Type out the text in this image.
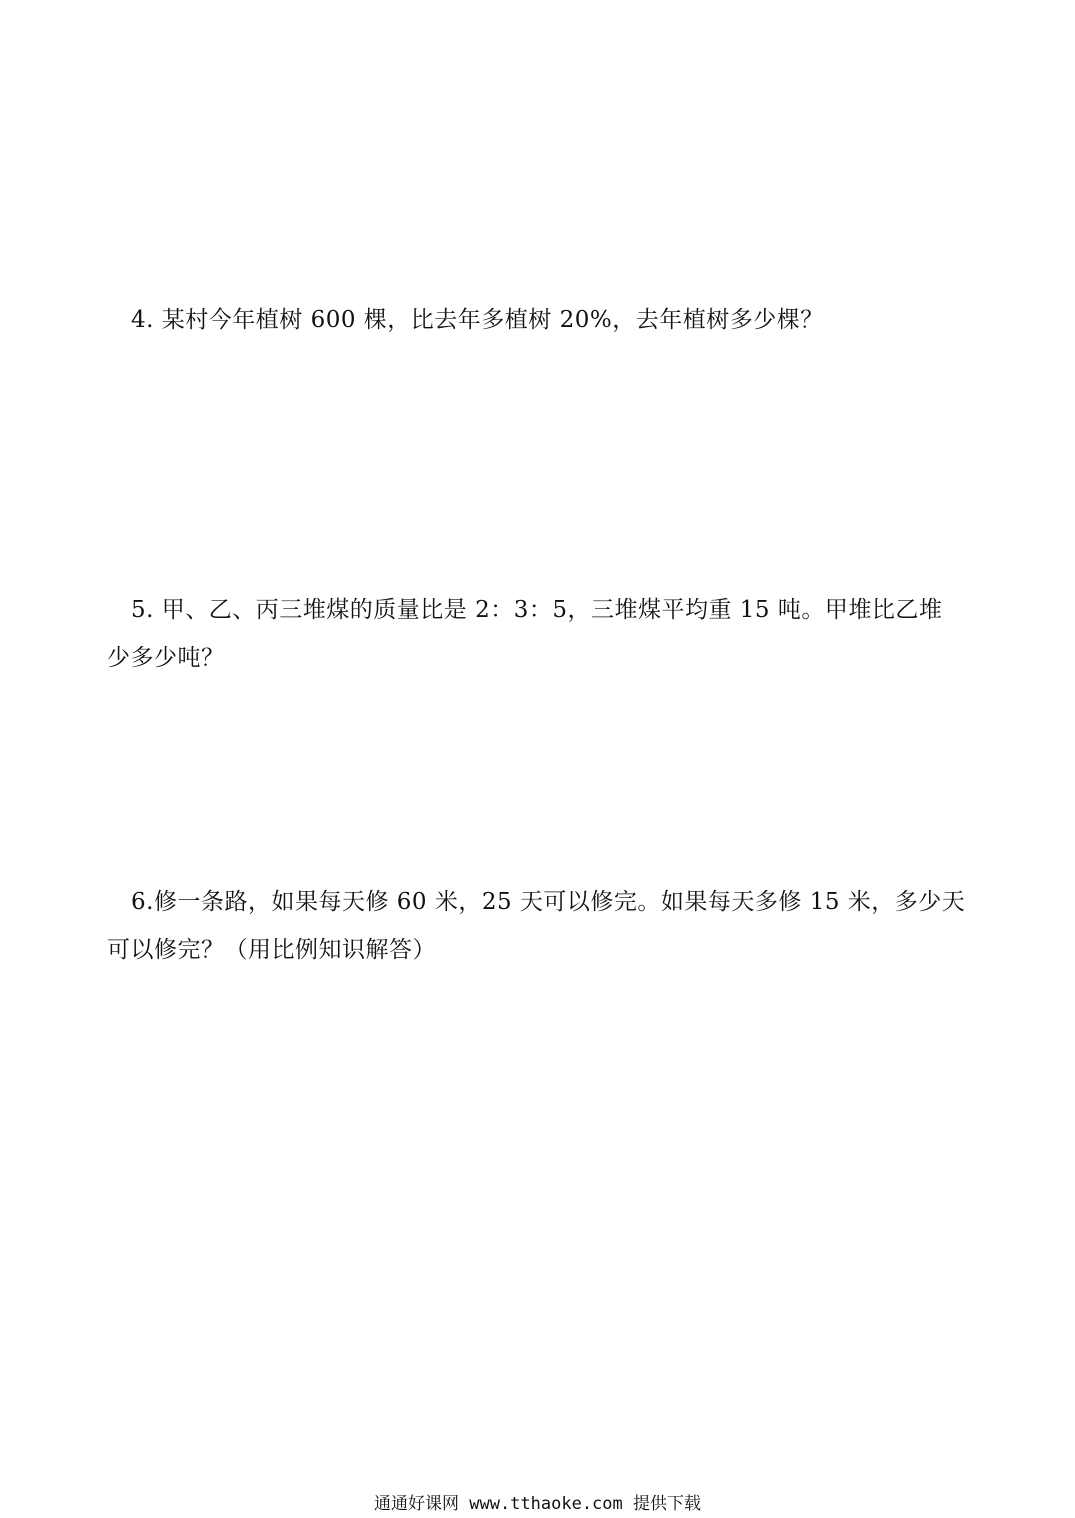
4. 某村今年植树 600 棵，比去年多植树 20%，去年植树多少棵？
5. 甲、乙、丙三堆煤的质量比是 2：3：5，三堆煤平均重 15 吨。甲堆比乙堆
少多少吨？
6.修一条路，如果每天修 60 米，25 天可以修完。如果每天多修 15 米，多少天
可以修完？（用比例知识解答）
通通好课网 www.tthaoke.com 提供下载
